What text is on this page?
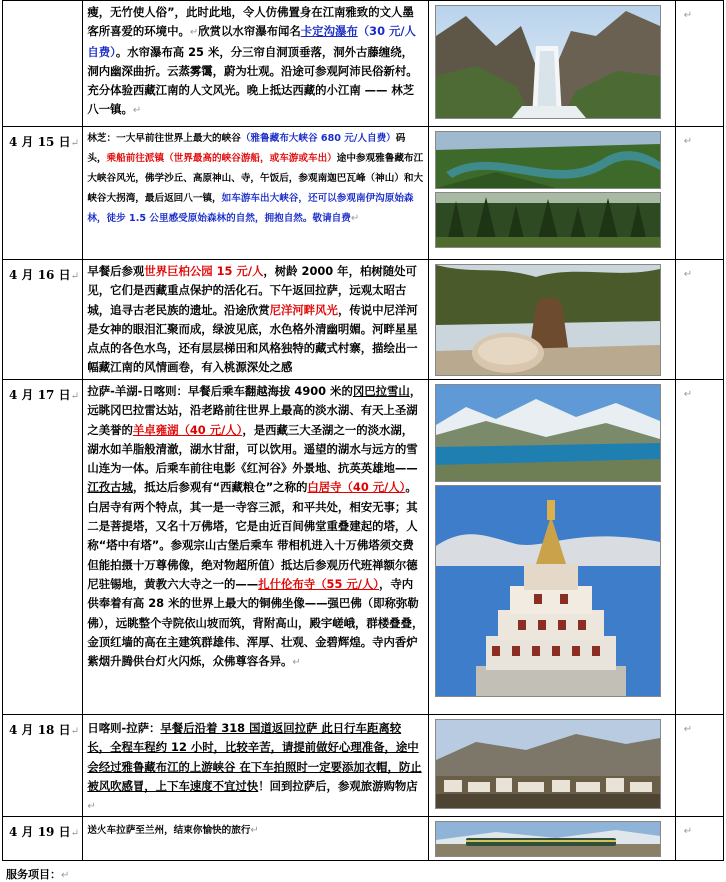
	瘦，无竹使人俗”，此时此地，令人仿佛置身在江南雅致的文人墨客所喜爱的环境中。↵欣赏以水帘瀑布闻名卡定沟瀑布（30 元/人自费）。水帘瀑布高 25 米，分三帘自洞顶垂落，洞外古藤缠绕，洞内幽深曲折。云蒸雾霭，蔚为壮观。沿途可参观阿沛民俗新村。充分体验西藏江南的人文风光。晚上抵达西藏的小江南 —— 林芝八一镇。↵		↵

4 月 15 日↵	林芝：一大早前往世界上最大的峡谷（雅鲁藏布大峡谷 680 元/人自费）码头，乘船前往派镇（世界最高的峡谷游船，或车游或车出）途中参观雅鲁藏布江大峡谷风光，佛学沙丘、高原神山、寺，午饭后，参观南迦巴瓦峰（神山）和大峡谷大拐湾，最后返回八一镇，如车游车出大峡谷，还可以参观南伊沟原始森林，徒步 1.5 公里感受原始森林的自然，拥抱自然。敬请自费↵		↵

4 月 16 日↵	早餐后参观世界巨柏公园 15 元/人，树龄 2000 年，柏树随处可见，它们是西藏重点保护的活化石。下午返回拉萨，远观太昭古城，追寻古老民族的遗址。沿途欣赏尼洋河畔风光，传说中尼洋河是女神的眼泪汇聚而成，绿波见底，水色格外清幽明媚。河畔星星点点的各色水鸟，还有层层梯田和风格独特的藏式村寨，描绘出一幅藏江南的风情画卷，有入桃源深处之感		↵

4 月 17 日↵	拉萨-羊湖-日喀则：早餐后乘车翻越海拔 4900 米的冈巴拉雪山，远眺冈巴拉雷达站，沿老路前往世界上最高的淡水湖、有天上圣湖之美誉的羊卓雍湖（40 元/人），是西藏三大圣湖之一的淡水湖，湖水如羊脂般清澈，湖水甘甜，可以饮用。遥望的湖水与远方的雪山连为一体。后乘车前往电影《红河谷》外景地、抗英英雄地——江孜古城，抵达后参观有“西藏粮仓”之称的白居寺（40 元/人）。白居寺有两个特点，其一是一寺容三派，和平共处，相安无事；其二是菩提塔，又名十万佛塔，它是由近百间佛堂重叠建起的塔，人称“塔中有塔”。参观宗山古堡后乘车 带相机进入十万佛塔须交费 但能拍摄十万尊佛像，绝对物超所值）抵达后参观历代班禅额尔德尼驻锡地，黄教六大寺之一的——扎什伦布寺（55 元/人），寺内供奉着有高 28 米的世界上最大的铜佛坐像——强巴佛（即称弥勒佛），远眺整个寺院依山坡而筑，背附高山，殿宇嵯峨，群楼叠叠，金顶红墙的高在主建筑群雄伟、浑厚、壮观、金碧辉煌。寺内香炉紫烟升腾供台灯火闪烁，众佛尊容各异。↵		↵

4 月 18 日↵	日喀则-拉萨：早餐后沿着 318 国道返回拉萨 此日行车距离较长，全程车程约 12 小时，比较辛苦，请提前做好心理准备，途中会经过雅鲁藏布江的上游峡谷 在下车拍照时一定要添加衣帽，防止被风吹感冒，上下车速度不宜过快！回到拉萨后，参观旅游购物店↵		↵

4 月 19 日↵	送火车拉萨至兰州，结束你愉快的旅行↵		↵
服务项目：↵
